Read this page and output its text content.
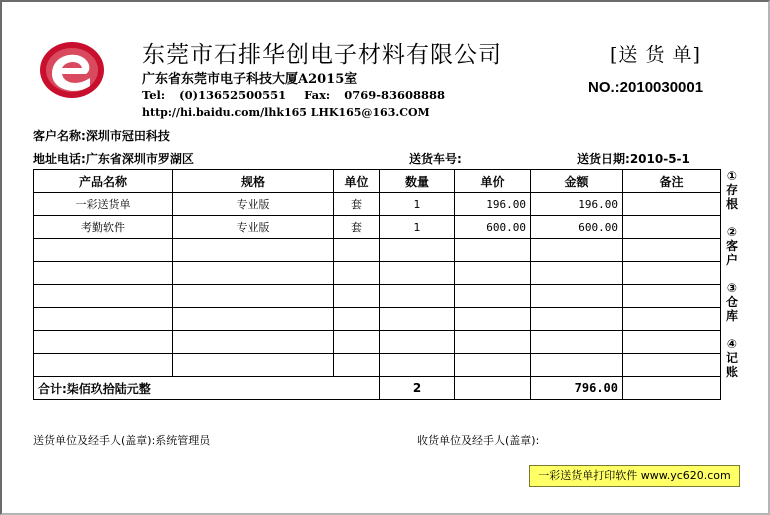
东莞市石排华创电子材料有限公司
广东省东莞市电子科技大厦A2015室
Tel: (0)13652500551 Fax: 0769-83608888
http://hi.baidu.com/lhk165 LHK165@163.COM
[送 货 单]
NO.:2010030001
客户名称:深圳市冠田科技
地址电话:广东省深圳市罗湖区	送货车号:	送货日期:2010-5-1
产品名称	规格	单位	数量	单价	金额	备注
一彩送货单	专业版	套	1	196.00	196.00	
考勤软件	专业版	套	1	600.00	600.00	

合计:柒佰玖拾陆元整			2		796.00	
①
存
根
②
客
户
③
仓
库
④
记
账
送货单位及经手人(盖章):系统管理员	收货单位及经手人(盖章):
一彩送货单打印软件 www.yc620.com
